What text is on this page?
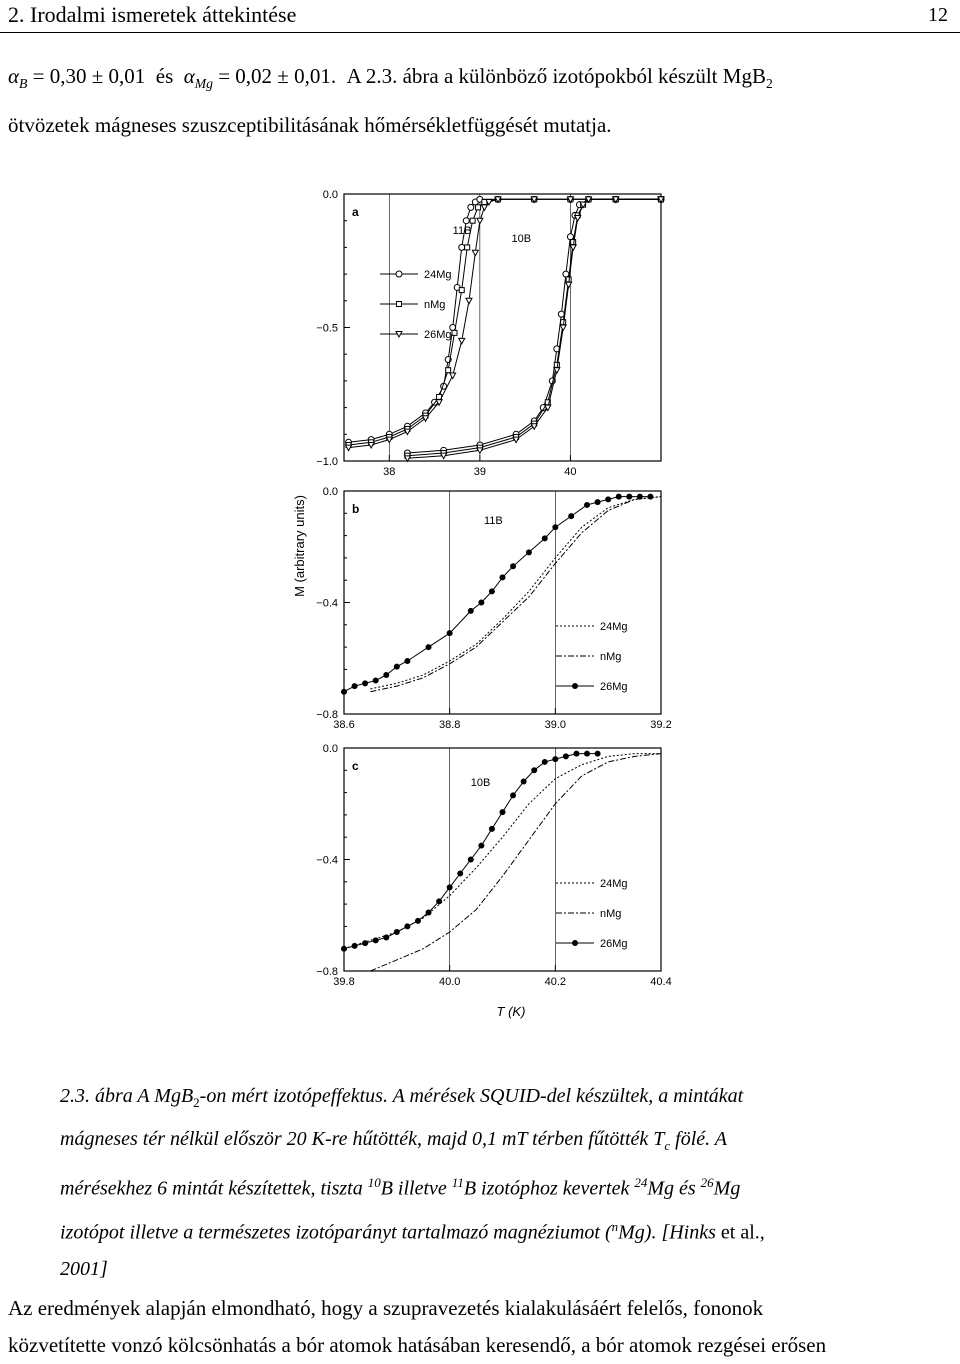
2. Irodalmi ismeretek áttekintése	12
$\alpha_B = 0,30 \pm 0,01$ és $\alpha_{Mg} = 0,02 \pm 0,01$. A 2.3. ábra a különböző izotópokból készült MgB$_2$
ötvözetek mágneses szuszceptibilitásának hőmérsékletfüggését mutatja.
M (arbitrary units)
T (K)
0.0
−0.5
−1.0
38	39	40
a
11B
10B
24Mg
nMg
26Mg
0.0
−0.4
−0.8
38.6	38.8	39.0	39.2
b
11B
24Mg
nMg
26Mg
0.0
−0.4
−0.8
39.8	40.0	40.2	40.4
c
10B
24Mg
nMg
26Mg
2.3. ábra A MgB$_2$-on mért izotópeffektus. A mérések SQUID-del készültek, a mintákat
mágneses tér nélkül először 20 K-re hűtötték, majd 0,1 mT térben fűtötték $T_c$ fölé. A
mérésekhez 6 mintát készítettek, tiszta $^{10}$B illetve $^{11}$B izotóphoz kevertek $^{24}$Mg és $^{26}$Mg
izotópot illetve a természetes izotóparányt tartalmazó magnéziumot ($^n$Mg). [Hinks et al.,
2001]
Az eredmények alapján elmondható, hogy a szupravezetés kialakulásáért felelős, fononok
közvetítette vonzó kölcsönhatás a bór atomok hatásában keresendő, a bór atomok rezgései erősen
